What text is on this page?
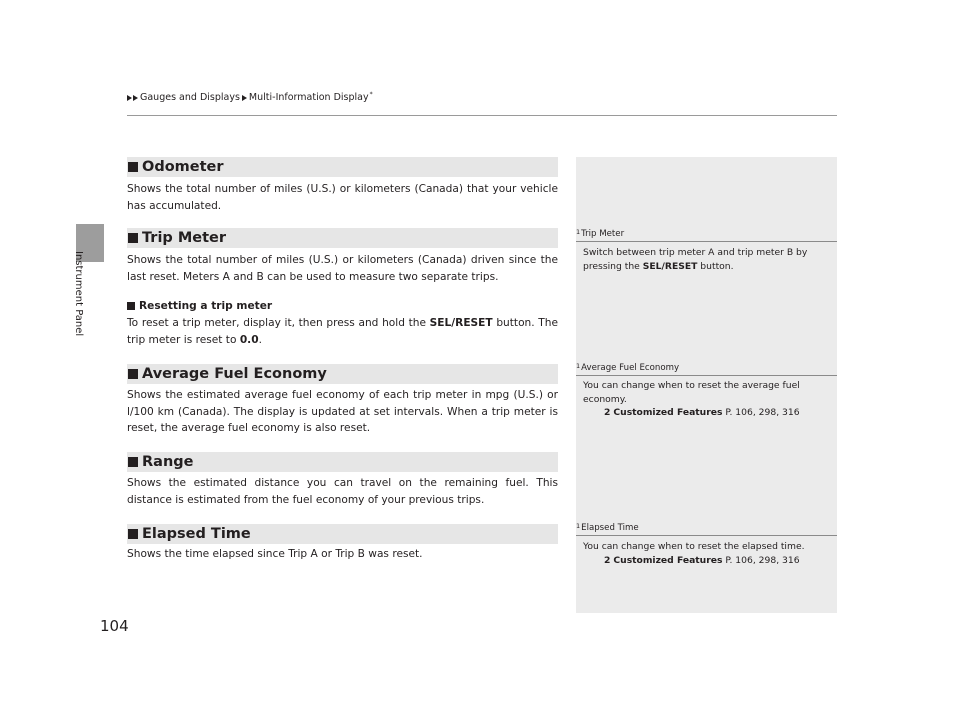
Gauges and Displays Multi-Information Display*
Instrument Panel
Odometer
Shows the total number of miles (U.S.) or kilometers (Canada) that your vehicle has accumulated.
Trip Meter
Shows the total number of miles (U.S.) or kilometers (Canada) driven since the last reset. Meters A and B can be used to measure two separate trips.
Resetting a trip meter
To reset a trip meter, display it, then press and hold the SEL/RESET button. The trip meter is reset to 0.0.
Average Fuel Economy
Shows the estimated average fuel economy of each trip meter in mpg (U.S.) or l/100 km (Canada). The display is updated at set intervals. When a trip meter is reset, the average fuel economy is also reset.
Range
Shows the estimated distance you can travel on the remaining fuel. This distance is estimated from the fuel economy of your previous trips.
Elapsed Time
Shows the time elapsed since Trip A or Trip B was reset.
$^1$Trip Meter
Switch between trip meter A and trip meter B by pressing the SEL/RESET button.
$^1$Average Fuel Economy
You can change when to reset the average fuel economy.
2 Customized Features P. 106, 298, 316
$^1$Elapsed Time
You can change when to reset the elapsed time.
2 Customized Features P. 106, 298, 316
104
